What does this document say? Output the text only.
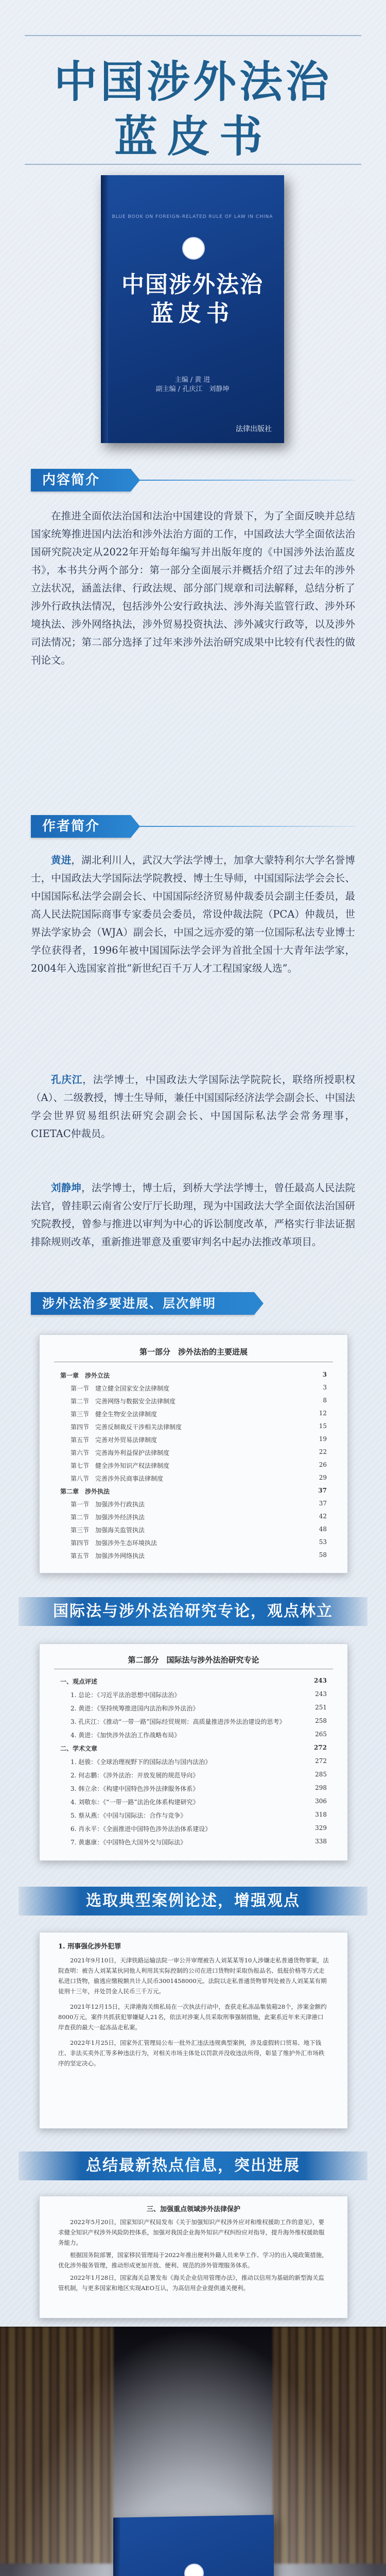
中国涉外法治
蓝皮书
BLUE BOOK ON FOREIGN-RELATED RULE OF LAW IN CHINA
中国涉外法治
蓝皮书
主编 / 黄 进
副主编 / 孔庆江　刘静坤
法律出版社
内容简介

在推进全面依法治国和法治中国建设的背景下，为了全面反映并总结国家统筹推进国内法治和涉外法治方面的工作，中国政法大学全面依法治国研究院决定从2022年开始每年编写并出版年度的《中国涉外法治蓝皮书》，本书共分两个部分：第一部分全面展示并概括介绍了过去年的涉外立法状况，涵盖法律、行政法规、部分部门规章和司法解释，总结分析了涉外行政执法情况，包括涉外公安行政执法、涉外海关监管行政、涉外环境执法、涉外网络执法，涉外贸易投资执法、涉外减灾行政等，以及涉外司法情况；第二部分选择了过年来涉外法治研究成果中比较有代表性的做刊论文。

作者简介

黄进，湖北利川人，武汉大学法学博士，加拿大蒙特利尔大学名誉博士，中国政法大学国际法学院教授、博士生导师，中国国际法学会会长、中国国际私法学会副会长、中国国际经济贸易仲裁委员会副主任委员，最高人民法院国际商事专家委员会委员，常设仲裁法院（PCA）仲裁员，世界法学家协会（WJA）副会长，中国之远亦爱的第一位国际私法专业博士学位获得者，1996年被中国国际法学会评为首批全国十大青年法学家，2004年入选国家首批“新世纪百千万人才工程国家级人选”。

孔庆江，法学博士，中国政法大学国际法学院院长，联络所授职权（A）、二级教授，博士生导师，兼任中国国际经济法学会副会长、中国法学会世界贸易组织法研究会副会长、中国国际私法学会常务理事，CIETAC仲裁员。

刘静坤，法学博士，博士后，到桥大学法学博士，曾任最高人民法院法官，曾挂职云南省公安厅厅长助理，现为中国政法大学全面依法治国研究院教授，曾参与推进以审判为中心的诉讼制度改革，严格实行非法证据排除规则改革，重新推进罪意及重要审判名中起办法推改革项目。

涉外法治多要进展、层次鲜明
第一部分　涉外法治的主要进展
第一章　涉外立法	3
第一节　建立健全国家安全法律制度	3
第二节　完善网络与数据安全法律制度	8
第三节　健全生物安全法律制度	12
第四节　完善反制裁反干涉相关法律制度	15
第五节　完善对外贸易法律制度	19
第六节　完善海外利益保护法律制度	22
第七节　健全涉外知识产权法律制度	26
第八节　完善涉外民商事法律制度	29
第二章　涉外执法	37
第一节　加强涉外行政执法	37
第二节　加强涉外经济执法	42
第三节　加强海关监管执法	48
第四节　加强涉外生态环境执法	53
第五节　加强涉外网络执法	58
国际法与涉外法治研究专论，观点林立
第二部分　国际法与涉外法治研究专论
一、观点评述	243
1. 总论：《习近平法治思想中国际法治》	243
2. 黄进：《坚持统筹推进国内法治和涉外法治》	251
3. 孔庆江：《推动“一带一路”国际经贸规则：高质量推进涉外法治建设的思考》	258
4. 黄进：《加快涉外法治工作战略布局》	265
二、学术文章	272
1. 赵骏：《全球治理视野下的国际法治与国内法治》	272
2. 何志鹏：《涉外法治：开放发展的规范导向》	285
3. 韩立余：《构建中国特色涉外法律服务体系》	298
4. 刘敬东：《“一带一路”法治化体系构建研究》	306
5. 蔡从燕：《中国与国际法：合作与竞争》	318
6. 肖永平：《全面推进中国特色涉外法治体系建设》	329
7. 黄惠康：《中国特色大国外交与国际法》	338
选取典型案例论述，增强观点
1. 刑事强化涉外犯罪

2021年9月10日，天津铁路运输法院一审公开审理被告人刘某某等10人涉嫌走私普通货物罪案，法院查明：被告人刘某某伙同他人利用其实际控制的公司在进口货物时采取伪报品名、低报价格等方式走私进口货物，偷逃应缴税额共计人民币3001458000元。法院以走私普通货物罪判处被告人刘某某有期徒刑十三年，并处罚金人民币三千万元。

2021年12月15日，天津港海关缉私局在一次执法行动中，查获走私冻品集装箱28个，涉案金额约8000万元，案件共抓获犯罪嫌疑人21名，依法对涉案人员采取刑事强制措施，此案系近年来天津港口岸查获的最大一起冻品走私案。

2022年1月25日，国家外汇管理局公布一批外汇违法违规典型案例，涉及虚假转口贸易、地下钱庄、非法买卖外汇等多种违法行为，对相关市场主体处以罚款并没收违法所得，彰显了维护外汇市场秩序的坚定决心。

总结最新热点信息，突出进展
三、加强重点领域涉外法律保护

2022年5月20日，国家知识产权局发布《关于加强知识产权涉外应对和维权援助工作的意见》，要求健全知识产权涉外风险防控体系，加强对我国企业海外知识产权纠纷应对指导，提升海外维权援助服务能力。

根据国务院部署，国家移民管理局于2022年推出便利外籍人员来华工作、学习的出入境政策措施，优化涉外服务管理，推动形成更加开放、便利、规范的涉外管理服务体系。

2022年1月28日，国家海关总署发布《海关企业信用管理办法》，推动以信用为基础的新型海关监管机制，与更多国家和地区实现AEO互认，为高信用企业提供通关便利。
